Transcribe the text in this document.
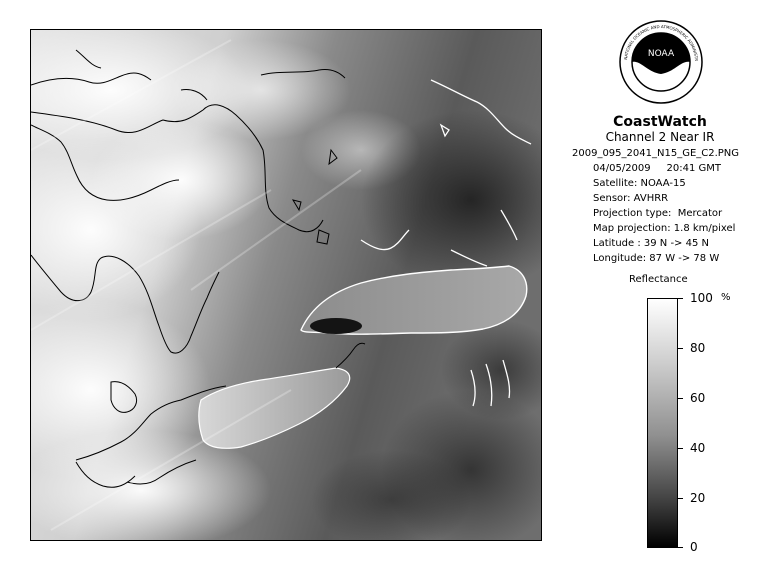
NOAA
NATIONAL OCEANIC AND ATMOSPHERIC ADMINISTR
CoastWatch
Channel 2 Near IR
2009_095_2041_N15_GE_C2.PNG
04/05/2009     20:41 GMT
Satellite: NOAA-15
Sensor: AVHRR
Projection type:  Mercator
Map projection: 1.8 km/pixel
Latitude : 39 N -> 45 N
Longitude: 87 W -> 78 W
Reflectance
%
100
80
60
40
20
0
